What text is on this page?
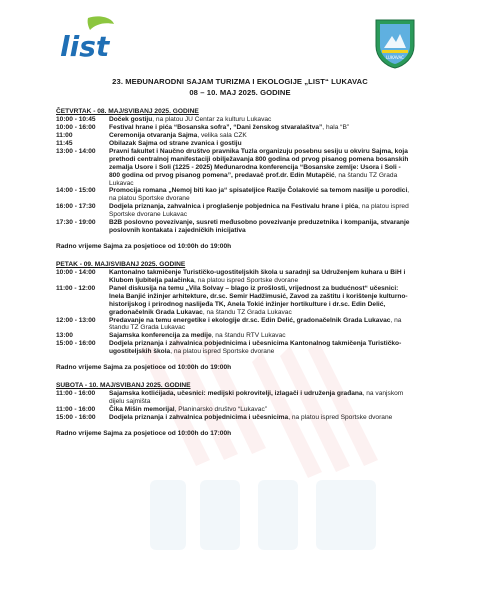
list	LUKAVAC
23. MEĐUNARODNI SAJAM TURIZMA I EKOLOGIJE „LIST“ LUKAVAC
08 – 10. MAJ 2025. GODINE
ČETVRTAK - 08. MAJ/SVIBANJ 2025. GODINE
10:00 - 10:45	Doček gostiju, na platou JU Centar za kulturu Lukavac
10:00 - 16:00	Festival hrane i pića “Bosanska sofra”, “Dani ženskog stvaralaštva”, hala “B”
11:00	Ceremonija otvaranja Sajma, velika sala CZK
11:45	Obilazak Sajma od strane zvanica i gostiju
13:00 - 14:00	Pravni fakultet i Naučno društvo pravnika Tuzla organizuju posebnu sesiju u okviru Sajma, koja prethodi centralnoj manifestaciji obilježavanja 800 godina od prvog pisanog pomena bosanskih zemalja Usore i Soli (1225 - 2025) Međunarodna konferencija “Bosanske zemlje: Usora i Soli - 800 godina od prvog pisanog pomena”, predavač prof.dr. Edin Mutapčić, na štandu TZ Grada Lukavac
14:00 - 15:00	Promocija romana „Nemoj biti kao ja“ spisateljice Razije Čolaković sa temom nasilje u porodici, na platou Sportske dvorane
16:00 - 17:30	Dodjela priznanja, zahvalnica i proglašenje pobjednica na Festivalu hrane i pića, na platou ispred Sportske dvorane Lukavac
17:30 - 19:00	B2B poslovno povezivanje, susreti međusobno povezivanje preduzetnika i kompanija, stvaranje poslovnih kontakata i zajedničkih inicijativa
Radno vrijeme Sajma za posjetioce od 10:00h do 19:00h
PETAK - 09. MAJ/SVIBANJ 2025. GODINE
10:00 - 14:00	Kantonalno takmičenje Turističko-ugostiteljskih škola u saradnji sa Udruženjem kuhara u BiH i Klubom ljubitelja palačinka, na platou ispred Sportske dvorane
11:00 - 12:00	Panel diskusija na temu „Vila Solvay – blago iz prošlosti, vrijednost za budućnost“ učesnici: Inela Banjić inžinjer arhitekture, dr.sc. Semir Hadžimusić, Zavod za zaštitu i korištenje kulturno-historijskog i prirodnog naslijeđa TK, Anela Tokić inžinjer hortikulture i dr.sc. Edin Delić, gradonačelnik Grada Lukavac, na štandu TZ Grada Lukavac
12:00 - 13:00	Predavanje na temu energetike i ekologije dr.sc. Edin Delić, gradonačelnik Grada Lukavac, na štandu TZ Grada Lukavac
13:00	Sajamska konferencija za medije, na štandu RTV Lukavac
15:00 - 16:00	Dodjela priznanja i zahvalnica pobjednicima i učesnicima Kantonalnog takmičenja Turističko-ugostiteljskih škola, na platou ispred Sportske dvorane
Radno vrijeme Sajma za posjetioce od 10:00h do 19:00h
SUBOTA - 10. MAJ/SVIBANJ 2025. GODINE
11:00 - 16:00	Sajamska kotlićijada, učesnici: medijski pokrovitelji, izlagači i udruženja građana, na vanjskom dijelu sajmišta
11:00 - 16:00	Čika Mišin memorijal, Planinarsko društvo “Lukavac”
15:00 - 16:00	Dodjela priznanja i zahvalnica pobjednicima i učesnicima, na platou ispred Sportske dvorane
Radno vrijeme Sajma za posjetioce od 10:00h do 17:00h
